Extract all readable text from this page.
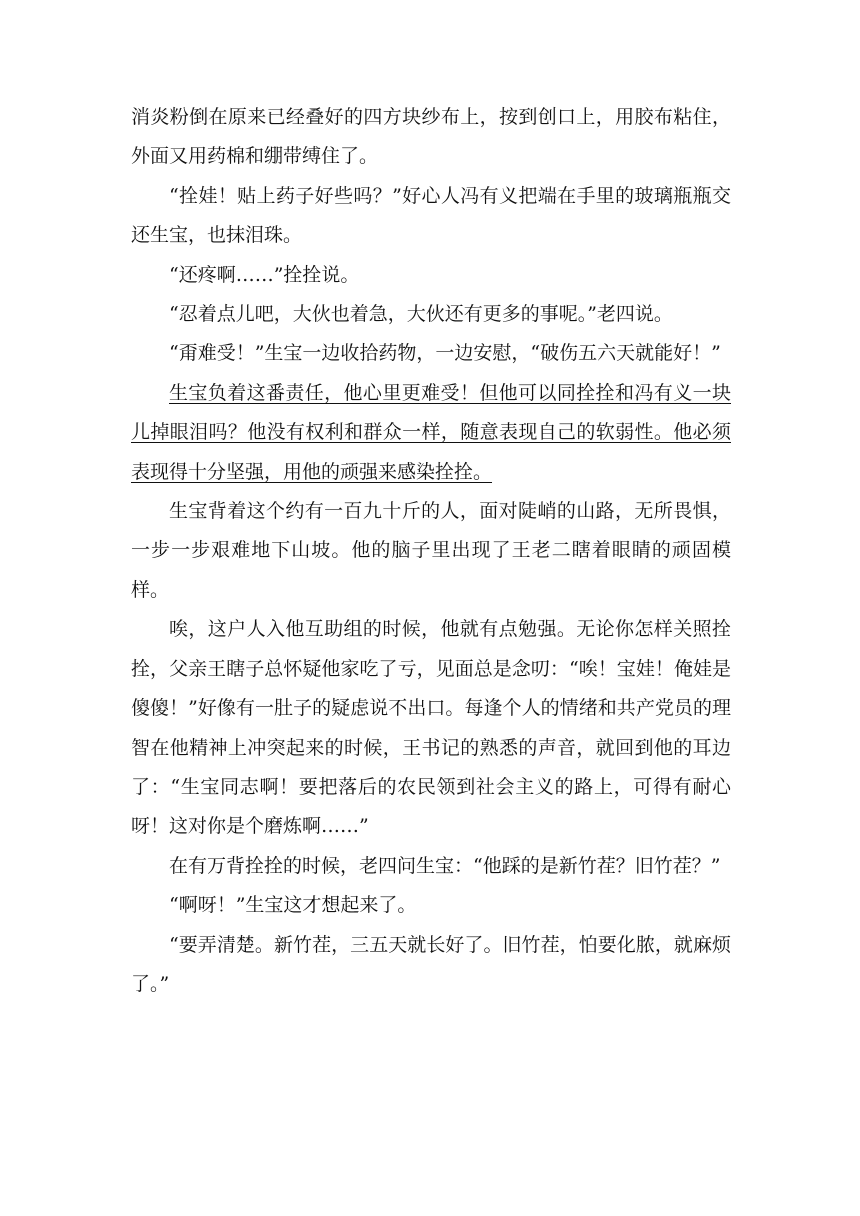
消炎粉倒在原来已经叠好的四方块纱布上，按到创口上，用胶布粘住，外面又用药棉和绷带缚住了。

“拴娃！贴上药子好些吗？”好心人冯有义把端在手里的玻璃瓶瓶交还生宝，也抹泪珠。

“还疼啊……”拴拴说。

“忍着点儿吧，大伙也着急，大伙还有更多的事呢。”老四说。

“甭难受！”生宝一边收拾药物，一边安慰，“破伤五六天就能好！”

生宝负着这番责任，他心里更难受！但他可以同拴拴和冯有义一块儿掉眼泪吗？他没有权利和群众一样，随意表现自己的软弱性。他必须表现得十分坚强，用他的顽强来感染拴拴。

生宝背着这个约有一百九十斤的人，面对陡峭的山路，无所畏惧，一步一步艰难地下山坡。他的脑子里出现了王老二瞎着眼睛的顽固模样。

唉，这户人入他互助组的时候，他就有点勉强。无论你怎样关照拴拴，父亲王瞎子总怀疑他家吃了亏，见面总是念叨：“唉！宝娃！俺娃是傻傻！”好像有一肚子的疑虑说不出口。每逢个人的情绪和共产党员的理智在他精神上冲突起来的时候，王书记的熟悉的声音，就回到他的耳边了：“生宝同志啊！要把落后的农民领到社会主义的路上，可得有耐心呀！这对你是个磨炼啊……”

在有万背拴拴的时候，老四问生宝：“他踩的是新竹茬？旧竹茬？”

“啊呀！”生宝这才想起来了。

“要弄清楚。新竹茬，三五天就长好了。旧竹茬，怕要化脓，就麻烦了。”
